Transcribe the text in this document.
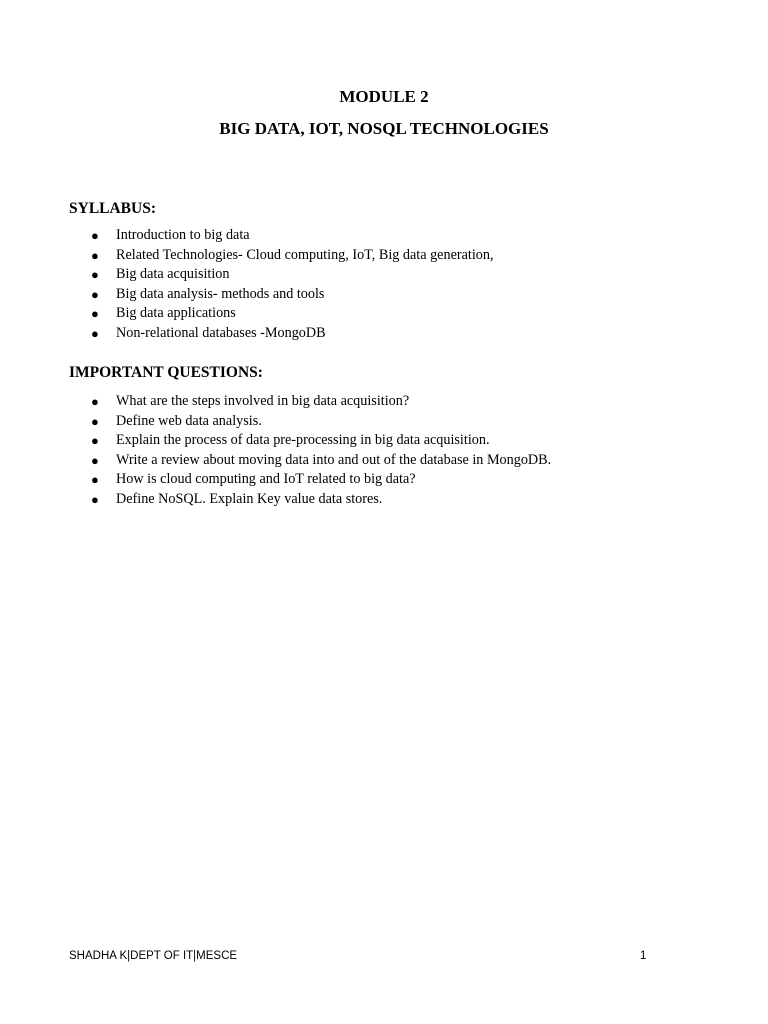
MODULE 2
BIG DATA, IOT, NOSQL TECHNOLOGIES
SYLLABUS:
● Introduction to big data
● Related Technologies- Cloud computing, IoT, Big data generation,
● Big data acquisition
● Big data analysis- methods and tools
● Big data applications
● Non-relational databases -MongoDB
IMPORTANT QUESTIONS:
● What are the steps involved in big data acquisition?
● Define web data analysis.
● Explain the process of data pre-processing in big data acquisition.
● Write a review about moving data into and out of the database in MongoDB.
● How is cloud computing and IoT related to big data?
● Define NoSQL. Explain Key value data stores.
SHADHA K|DEPT OF IT|MESCE	1
